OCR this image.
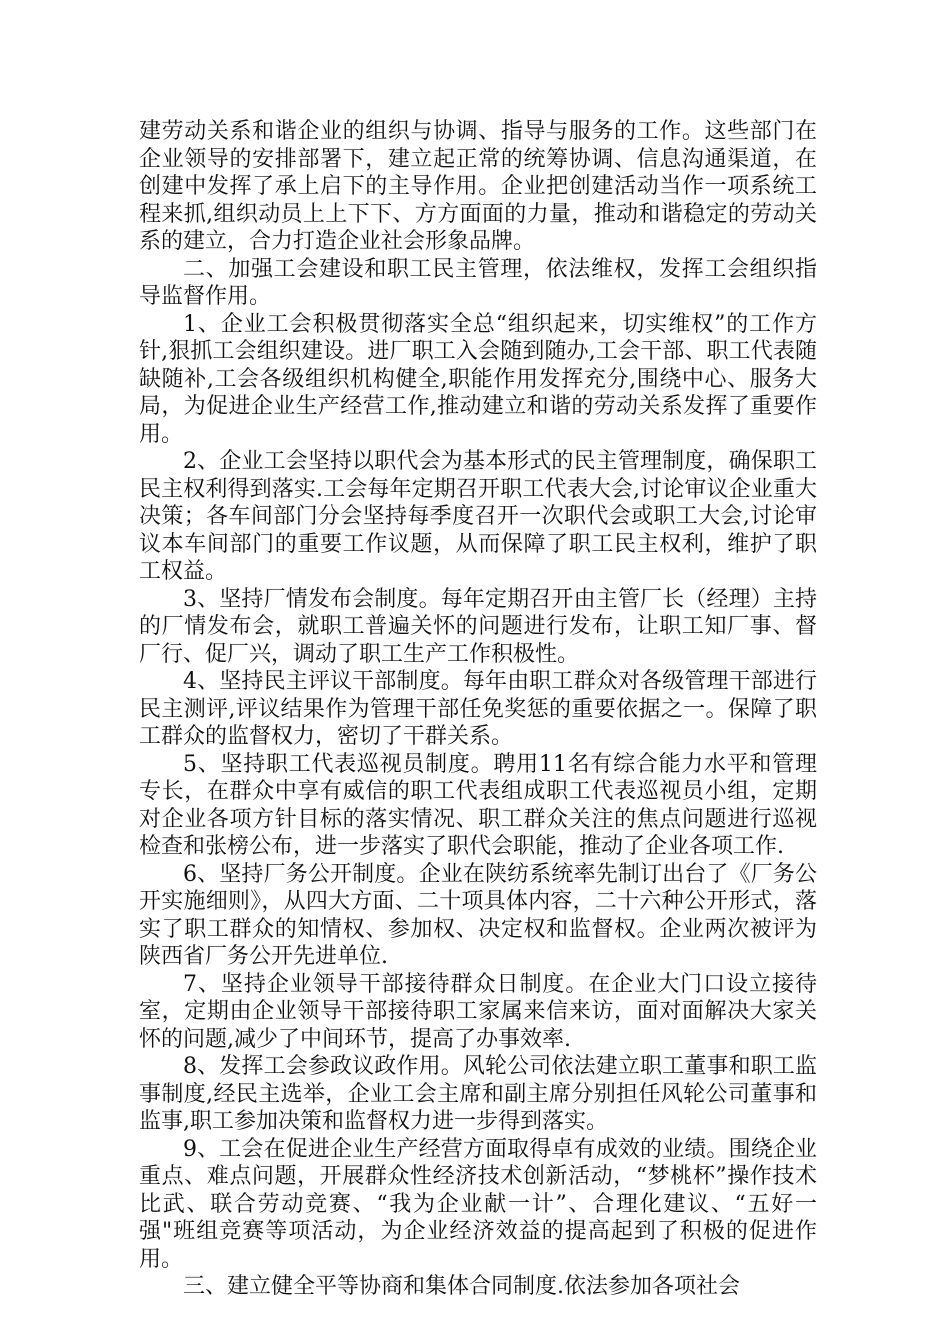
建劳动关系和谐企业的组织与协调、指导与服务的工作。这些部门在企业领导的安排部署下，建立起正常的统筹协调、信息沟通渠道，在创建中发挥了承上启下的主导作用。企业把创建活动当作一项系统工程来抓,组织动员上上下下、方方面面的力量，推动和谐稳定的劳动关系的建立，合力打造企业社会形象品牌。

二、加强工会建设和职工民主管理，依法维权，发挥工会组织指导监督作用。

1、企业工会积极贯彻落实全总“组织起来，切实维权”的工作方针,狠抓工会组织建设。进厂职工入会随到随办,工会干部、职工代表随缺随补,工会各级组织机构健全,职能作用发挥充分,围绕中心、服务大局，为促进企业生产经营工作,推动建立和谐的劳动关系发挥了重要作用。

2、企业工会坚持以职代会为基本形式的民主管理制度，确保职工民主权利得到落实.工会每年定期召开职工代表大会,讨论审议企业重大决策；各车间部门分会坚持每季度召开一次职代会或职工大会,讨论审议本车间部门的重要工作议题，从而保障了职工民主权利，维护了职工权益。

3、坚持厂情发布会制度。每年定期召开由主管厂长（经理）主持的厂情发布会，就职工普遍关怀的问题进行发布，让职工知厂事、督厂行、促厂兴，调动了职工生产工作积极性。

4、坚持民主评议干部制度。每年由职工群众对各级管理干部进行民主测评,评议结果作为管理干部任免奖惩的重要依据之一。保障了职工群众的监督权力，密切了干群关系。

5、坚持职工代表巡视员制度。聘用11名有综合能力水平和管理专长，在群众中享有威信的职工代表组成职工代表巡视员小组，定期对企业各项方针目标的落实情况、职工群众关注的焦点问题进行巡视检查和张榜公布，进一步落实了职代会职能，推动了企业各项工作.

6、坚持厂务公开制度。企业在陕纺系统率先制订出台了《厂务公开实施细则》，从四大方面、二十项具体内容，二十六种公开形式，落实了职工群众的知情权、参加权、决定权和监督权。企业两次被评为陕西省厂务公开先进单位.

7、坚持企业领导干部接待群众日制度。在企业大门口设立接待室，定期由企业领导干部接待职工家属来信来访，面对面解决大家关怀的问题,减少了中间环节，提高了办事效率.

8、发挥工会参政议政作用。风轮公司依法建立职工董事和职工监事制度,经民主选举，企业工会主席和副主席分别担任风轮公司董事和监事,职工参加决策和监督权力进一步得到落实。

9、工会在促进企业生产经营方面取得卓有成效的业绩。围绕企业重点、难点问题，开展群众性经济技术创新活动，“梦桃杯”操作技术比武、联合劳动竞赛、“我为企业献一计”、合理化建议、“五好一强"班组竞赛等项活动，为企业经济效益的提高起到了积极的促进作用。

三、建立健全平等协商和集体合同制度.依法参加各项社会
